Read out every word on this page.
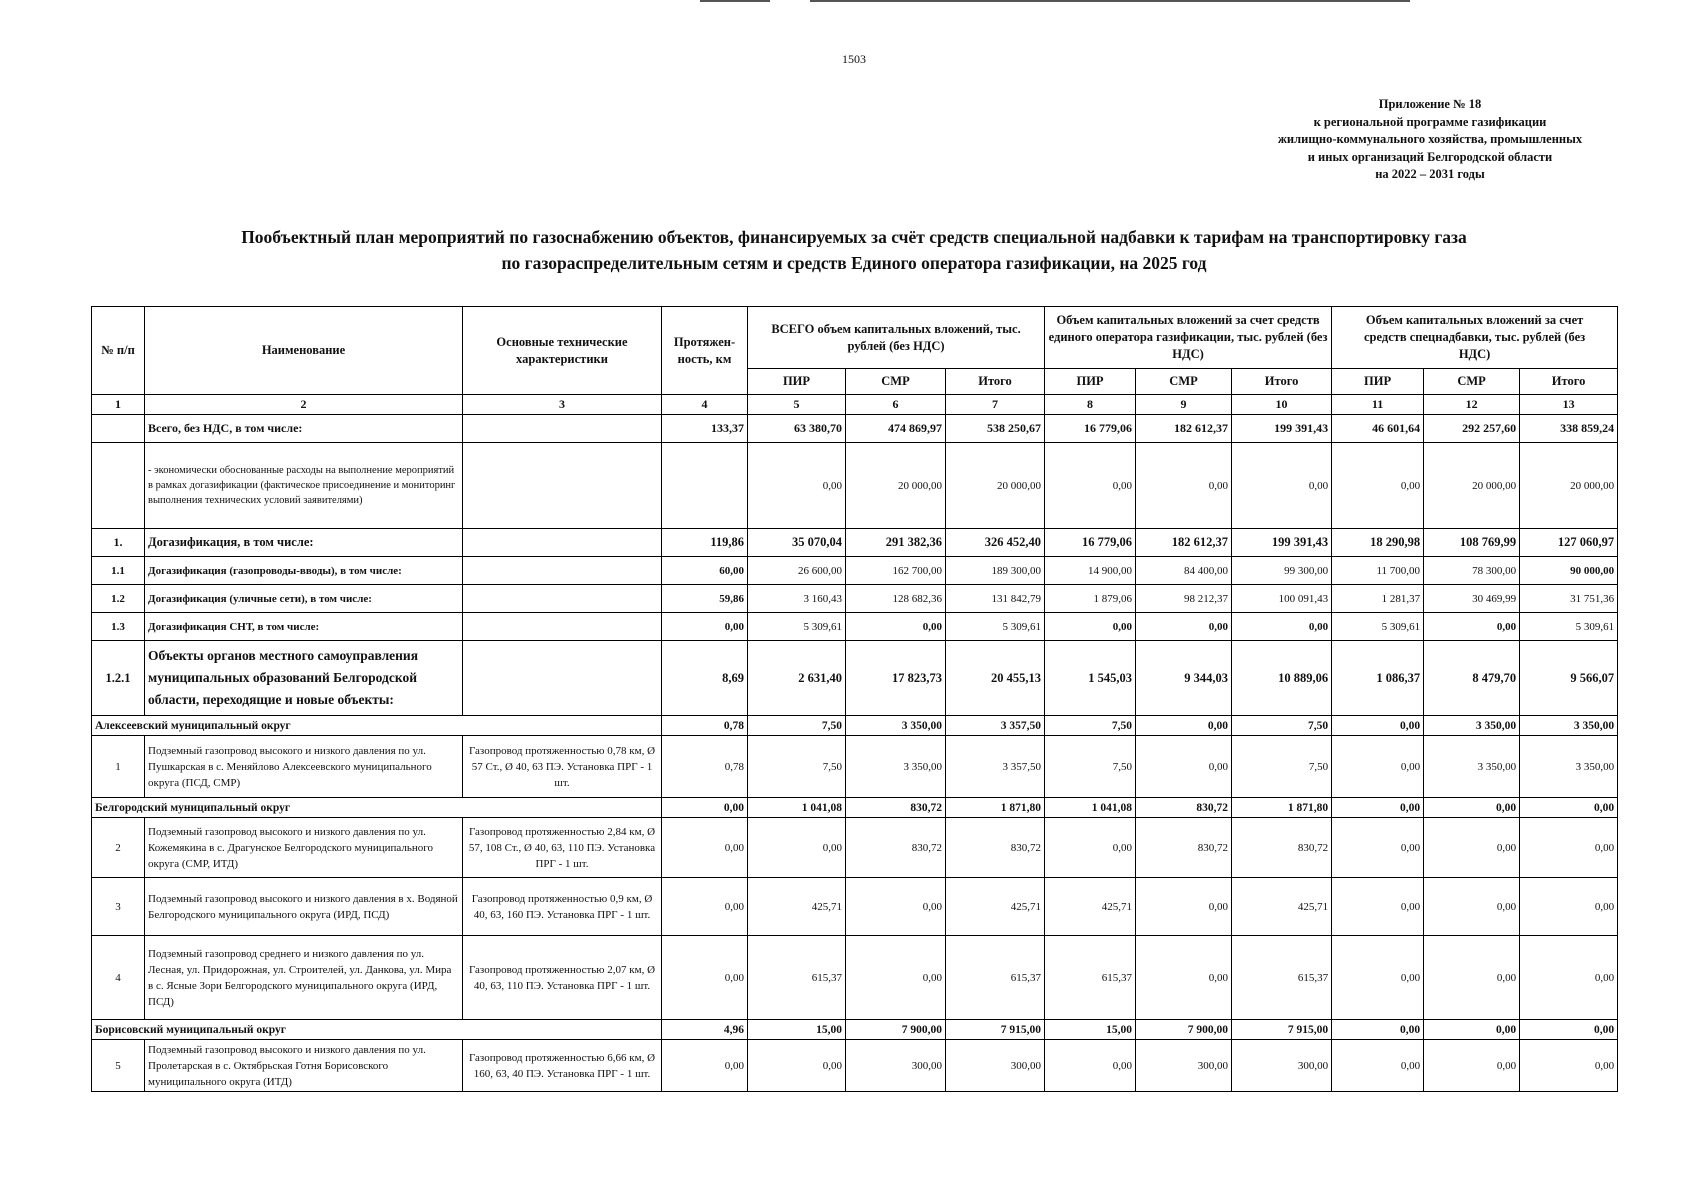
1503
Приложение № 18
к региональной программе газификации
жилищно-коммунального хозяйства, промышленных
и иных организаций Белгородской области
на 2022 – 2031 годы
Пообъектный план мероприятий по газоснабжению объектов, финансируемых за счёт средств специальной надбавки к тарифам на транспортировку газа
по газораспределительным сетям и средств Единого оператора газификации, на 2025 год
№ п/п	Наименование	Основные технические характеристики	Протяжен-ность, км	ВСЕГО объем капитальных вложений, тыс. рублей (без НДС)			Объем капитальных вложений за счет средств единого оператора газификации, тыс. рублей (без НДС)			Объем капитальных вложений за счет средств спецнадбавки, тыс. рублей (без НДС)		
				ПИР	СМР	Итого	ПИР	СМР	Итого	ПИР	СМР	Итого
1	2	3	4	5	6	7	8	9	10	11	12	13
	Всего, без НДС, в том числе:		133,37	63 380,70	474 869,97	538 250,67	16 779,06	182 612,37	199 391,43	46 601,64	292 257,60	338 859,24
	- экономически обоснованные расходы на выполнение мероприятий в рамках догазификации (фактическое присоединение и мониторинг выполнения технических условий заявителями)			0,00	20 000,00	20 000,00	0,00	0,00	0,00	0,00	20 000,00	20 000,00
1.	Догазификация, в том числе:		119,86	35 070,04	291 382,36	326 452,40	16 779,06	182 612,37	199 391,43	18 290,98	108 769,99	127 060,97
1.1	Догазификация (газопроводы-вводы), в том числе:		60,00	26 600,00	162 700,00	189 300,00	14 900,00	84 400,00	99 300,00	11 700,00	78 300,00	90 000,00
1.2	Догазификация (уличные сети), в том числе:		59,86	3 160,43	128 682,36	131 842,79	1 879,06	98 212,37	100 091,43	1 281,37	30 469,99	31 751,36
1.3	Догазификация СНТ, в том числе:		0,00	5 309,61	0,00	5 309,61	0,00	0,00	0,00	5 309,61	0,00	5 309,61
1.2.1	Объекты органов местного самоуправления муниципальных образований Белгородской области, переходящие и новые объекты:		8,69	2 631,40	17 823,73	20 455,13	1 545,03	9 344,03	10 889,06	1 086,37	8 479,70	9 566,07
Алексеевский муниципальный округ			0,78	7,50	3 350,00	3 357,50	7,50	0,00	7,50	0,00	3 350,00	3 350,00
1	Подземный газопровод высокого и низкого давления по ул. Пушкарская в с. Меняйлово Алексеевского муниципального округа (ПСД, СМР)	Газопровод протяженностью 0,78 км, Ø 57 Ст., Ø 40, 63 ПЭ. Установка ПРГ - 1 шт.	0,78	7,50	3 350,00	3 357,50	7,50	0,00	7,50	0,00	3 350,00	3 350,00
Белгородский муниципальный округ			0,00	1 041,08	830,72	1 871,80	1 041,08	830,72	1 871,80	0,00	0,00	0,00
2	Подземный газопровод высокого и низкого давления по ул. Кожемякина в с. Драгунское Белгородского муниципального округа (СМР, ИТД)	Газопровод протяженностью 2,84 км, Ø 57, 108 Ст., Ø 40, 63, 110 ПЭ. Установка ПРГ - 1 шт.	0,00	0,00	830,72	830,72	0,00	830,72	830,72	0,00	0,00	0,00
3	Подземный газопровод высокого и низкого давления в х. Водяной Белгородского муниципального округа (ИРД, ПСД)	Газопровод протяженностью 0,9 км, Ø 40, 63, 160 ПЭ. Установка ПРГ - 1 шт.	0,00	425,71	0,00	425,71	425,71	0,00	425,71	0,00	0,00	0,00
4	Подземный газопровод среднего и низкого давления по ул. Лесная, ул. Придорожная, ул. Строителей, ул. Данкова, ул. Мира в с. Ясные Зори Белгородского муниципального округа (ИРД, ПСД)	Газопровод протяженностью 2,07 км, Ø 40, 63, 110 ПЭ. Установка ПРГ - 1 шт.	0,00	615,37	0,00	615,37	615,37	0,00	615,37	0,00	0,00	0,00
Борисовский муниципальный округ			4,96	15,00	7 900,00	7 915,00	15,00	7 900,00	7 915,00	0,00	0,00	0,00
5	Подземный газопровод высокого и низкого давления по ул. Пролетарская в с. Октябрьская Готня Борисовского муниципального округа (ИТД)	Газопровод протяженностью 6,66 км, Ø 160, 63, 40 ПЭ. Установка ПРГ - 1 шт.	0,00	0,00	300,00	300,00	0,00	300,00	300,00	0,00	0,00	0,00
